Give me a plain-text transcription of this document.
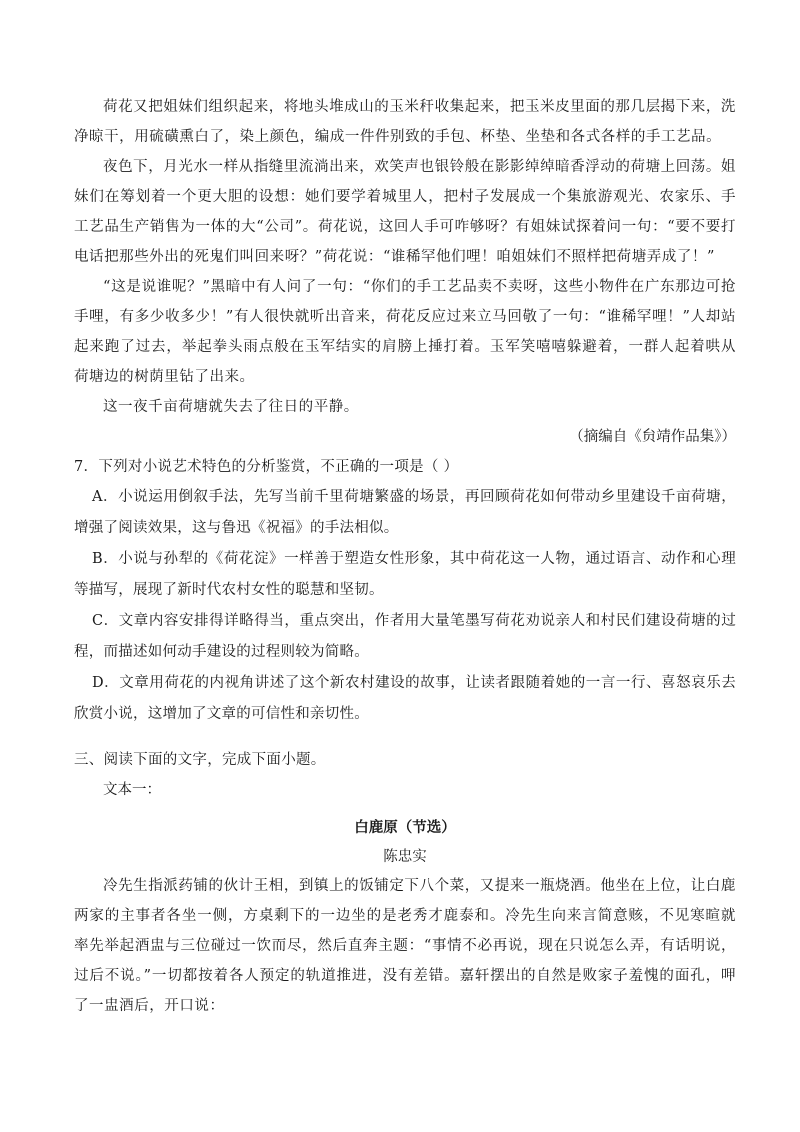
荷花又把姐妹们组织起来，将地头堆成山的玉米秆收集起来，把玉米皮里面的那几层揭下来，洗净晾干，用硫磺熏白了，染上颜色，编成一件件别致的手包、杯垫、坐垫和各式各样的手工艺品。

夜色下，月光水一样从指缝里流淌出来，欢笑声也银铃般在影影绰绰暗香浮动的荷塘上回荡。姐妹们在筹划着一个更大胆的设想：她们要学着城里人，把村子发展成一个集旅游观光、农家乐、手工艺品生产销售为一体的大“公司”。荷花说，这回人手可咋够呀？有姐妹试探着问一句：“要不要打电话把那些外出的死鬼们叫回来呀？”荷花说：“谁稀罕他们哩！咱姐妹们不照样把荷塘弄成了！”

“这是说谁呢？”黑暗中有人问了一句：“你们的手工艺品卖不卖呀，这些小物件在广东那边可抢手哩，有多少收多少！”有人很快就听出音来，荷花反应过来立马回敬了一句：“谁稀罕哩！”人却站起来跑了过去，举起拳头雨点般在玉军结实的肩膀上捶打着。玉军笑嘻嘻躲避着，一群人起着哄从荷塘边的树荫里钻了出来。

这一夜千亩荷塘就失去了往日的平静。

（摘编自《贠靖作品集》）

7．下列对小说艺术特色的分析鉴赏，不正确的一项是（ ）

A．小说运用倒叙手法，先写当前千里荷塘繁盛的场景，再回顾荷花如何带动乡里建设千亩荷塘，增强了阅读效果，这与鲁迅《祝福》的手法相似。

B．小说与孙犁的《荷花淀》一样善于塑造女性形象，其中荷花这一人物，通过语言、动作和心理等描写，展现了新时代农村女性的聪慧和坚韧。

C．文章内容安排得详略得当，重点突出，作者用大量笔墨写荷花劝说亲人和村民们建设荷塘的过程，而描述如何动手建设的过程则较为简略。

D．文章用荷花的内视角讲述了这个新农村建设的故事，让读者跟随着她的一言一行、喜怒哀乐去欣赏小说，这增加了文章的可信性和亲切性。

三、阅读下面的文字，完成下面小题。

文本一：

白鹿原（节选）

陈忠实

冷先生指派药铺的伙计王相，到镇上的饭铺定下八个菜，又提来一瓶烧酒。他坐在上位，让白鹿两家的主事者各坐一侧，方桌剩下的一边坐的是老秀才鹿泰和。冷先生向来言简意赅，不见寒暄就率先举起酒盅与三位碰过一饮而尽，然后直奔主题：“事情不必再说，现在只说怎么弄，有话明说，过后不说。”一切都按着各人预定的轨道推进，没有差错。嘉轩摆出的自然是败家子羞愧的面孔，呷了一盅酒后，开口说：
